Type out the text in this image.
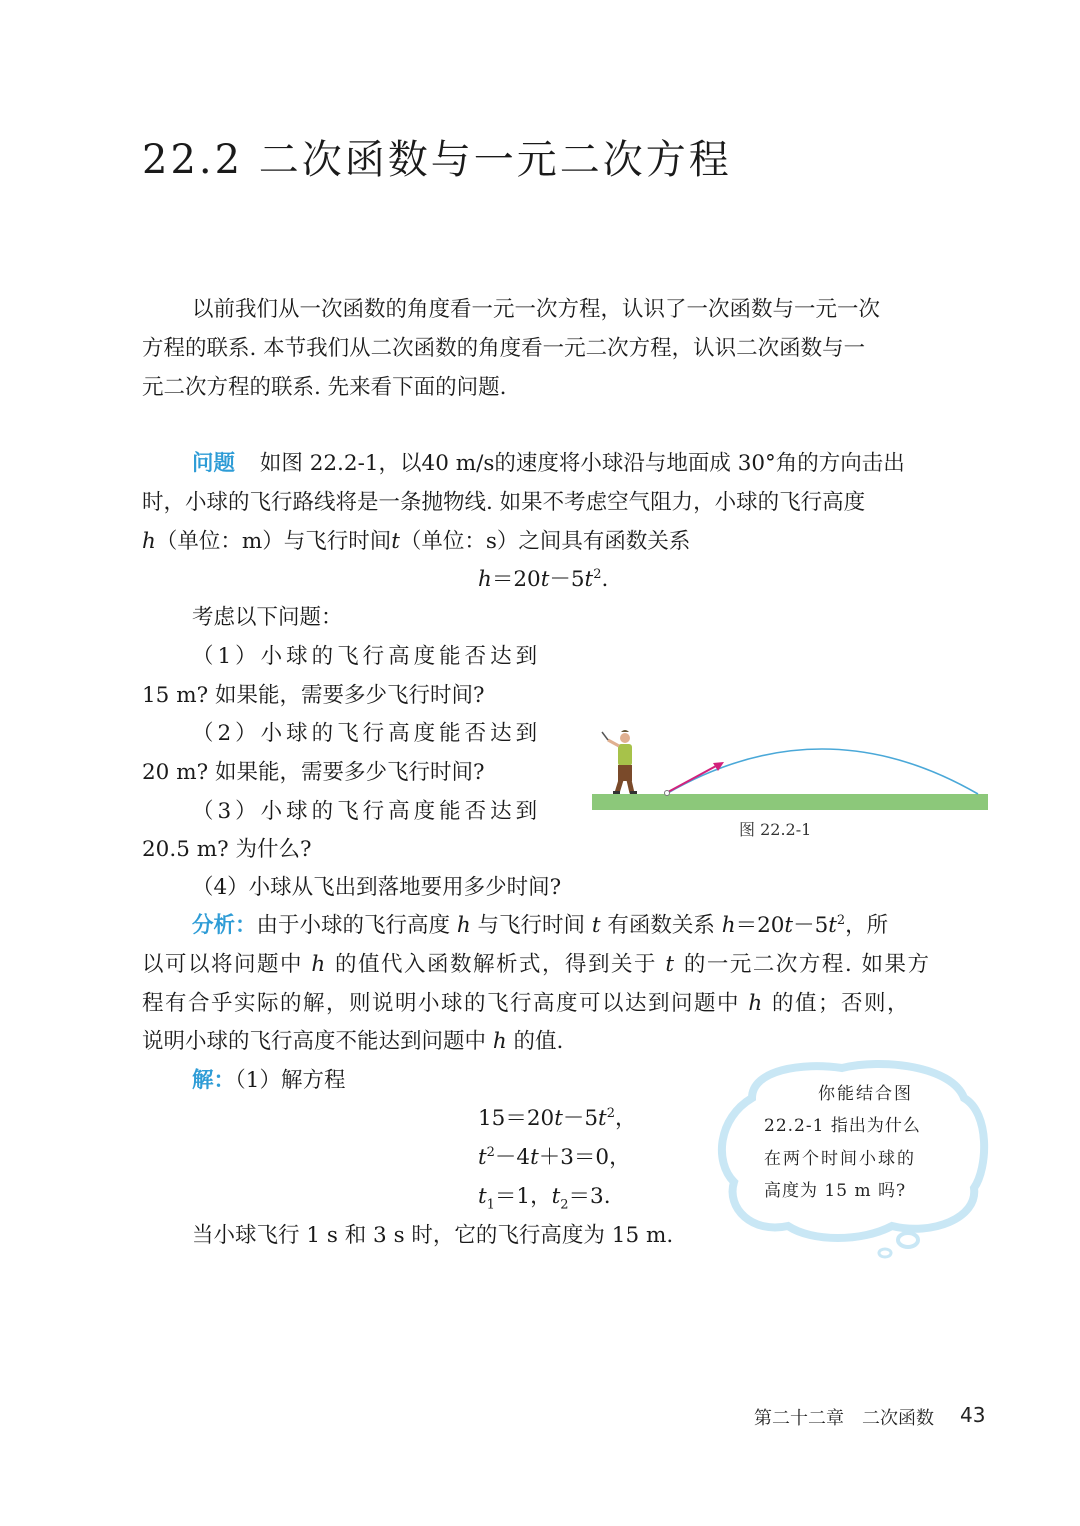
22.2 二次函数与一元二次方程
以前我们从一次函数的角度看一元一次方程，认识了一次函数与一元一次
方程的联系. 本节我们从二次函数的角度看一元二次方程，认识二次函数与一
元二次方程的联系. 先来看下面的问题.
问题 如图 22.2-1，以40 m/s的速度将小球沿与地面成 30°角的方向击出
时，小球的飞行路线将是一条抛物线. 如果不考虑空气阻力，小球的飞行高度
h（单位：m）与飞行时间t（单位：s）之间具有函数关系
$h=20t-5t^2$.
考虑以下问题：
（1）小球的飞行高度能否达到
15 m? 如果能，需要多少飞行时间?
（2）小球的飞行高度能否达到
20 m? 如果能，需要多少飞行时间?
（3）小球的飞行高度能否达到
20.5 m? 为什么?
（4）小球从飞出到落地要用多少时间?
图 22.2-1
分析：由于小球的飞行高度 h 与飞行时间 t 有函数关系 $h=20t-5t^2$，所
以可以将问题中 h 的值代入函数解析式，得到关于 t 的一元二次方程. 如果方
程有合乎实际的解，则说明小球的飞行高度可以达到问题中 h 的值；否则，
说明小球的飞行高度不能达到问题中 h 的值.
解：（1）解方程
$15=20t-5t^2$，
$t^2-4t+3=0$，
$t_1=1$，$t_2=3$.
当小球飞行 1 s 和 3 s 时，它的飞行高度为 15 m.
你能结合图
22.2-1 指出为什么
在两个时间小球的
高度为 15 m 吗?
第二十二章　二次函数 43
